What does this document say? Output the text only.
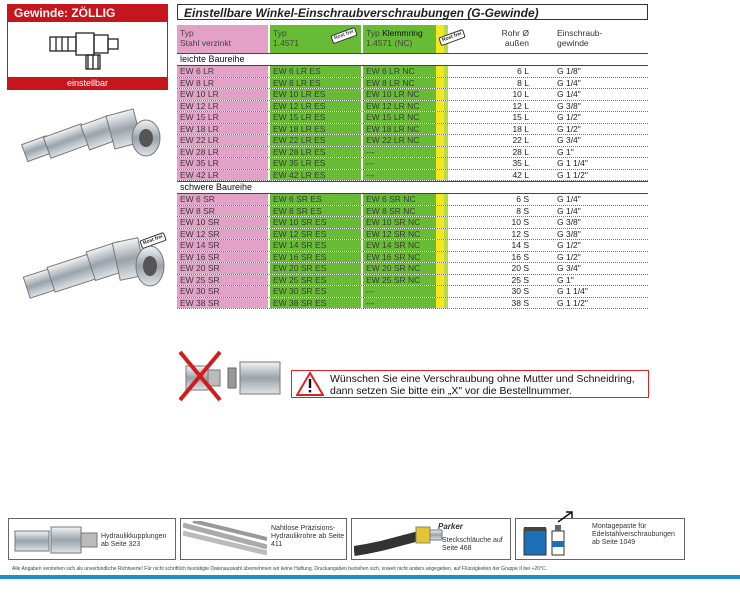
Gewinde: ZÖLLIG
einstellbar
Rost frei
Einstellbare Winkel-Einschraubverschraubungen (G-Gewinde)
Typ
Stahl verzinkt
Typ
1.4571
Rost frei	Typ Klemmring
1.4571 (NC)	Rost frei	Rohr Ø
außen
Einschraub-
gewinde
leichte Baureihe
EW 6 LR	EW 6 LR ES	EW 6 LR NC	6 L	G 1/8"
EW 8 LR	EW 8 LR ES	EW 8 LR NC	8 L	G 1/4"
EW 10 LR	EW 10 LR ES	EW 10 LR NC	10 L	G 1/4"
EW 12 LR	EW 12 LR ES	EW 12 LR NC	12 L	G 3/8"
EW 15 LR	EW 15 LR ES	EW 15 LR NC	15 L	G 1/2"
EW 18 LR	EW 18 LR ES	EW 18 LR NC	18 L	G 1/2"
EW 22 LR	EW 22 LR ES	EW 22 LR NC	22 L	G 3/4"
EW 28 LR	EW 28 LR ES	---	28 L	G 1"
EW 35 LR	EW 35 LR ES	---	35 L	G 1 1/4"
EW 42 LR	EW 42 LR ES	---	42 L	G 1 1/2"
schwere Baureihe
EW 6 SR	EW 6 SR ES	EW 6 SR NC	6 S	G 1/4"
EW 8 SR	EW 8 SR ES	EW 8 SR NC	8 S	G 1/4"
EW 10 SR	EW 10 SR ES	EW 10 SR NC	10 S	G 3/8"
EW 12 SR	EW 12 SR ES	EW 12 SR NC	12 S	G 3/8"
EW 14 SR	EW 14 SR ES	EW 14 SR NC	14 S	G 1/2"
EW 16 SR	EW 16 SR ES	EW 16 SR NC	16 S	G 1/2"
EW 20 SR	EW 20 SR ES	EW 20 SR NC	20 S	G 3/4"
EW 25 SR	EW 25 SR ES	EW 25 SR NC	25 S	G 1"
EW 30 SR	EW 30 SR ES	---	30 S	G 1 1/4"
EW 38 SR	EW 38 SR ES	---	38 S	G 1 1/2"
Wünschen Sie eine Verschraubung ohne Mutter und Schneidring,
dann setzen Sie bitte ein „X" vor die Bestellnummer.
Hydraulikkupplungen ab Seite 323
Nahtlose Präzisions-Hydraulikrohre ab Seite 411
Parker
Steckschläuche auf Seite 468
Montagepaste für Edelstahlverschraubungen ab Seite 1049
Alle Angaben verstehen sich als unverbindliche Richtwerte! Für nicht schriftlich bestätigte Datenauswahl übernehmen wir keine Haftung. Druckangaben beziehen sich, soweit nicht anders angegeben, auf Flüssigkeiten der Gruppe II bei +20°C.
